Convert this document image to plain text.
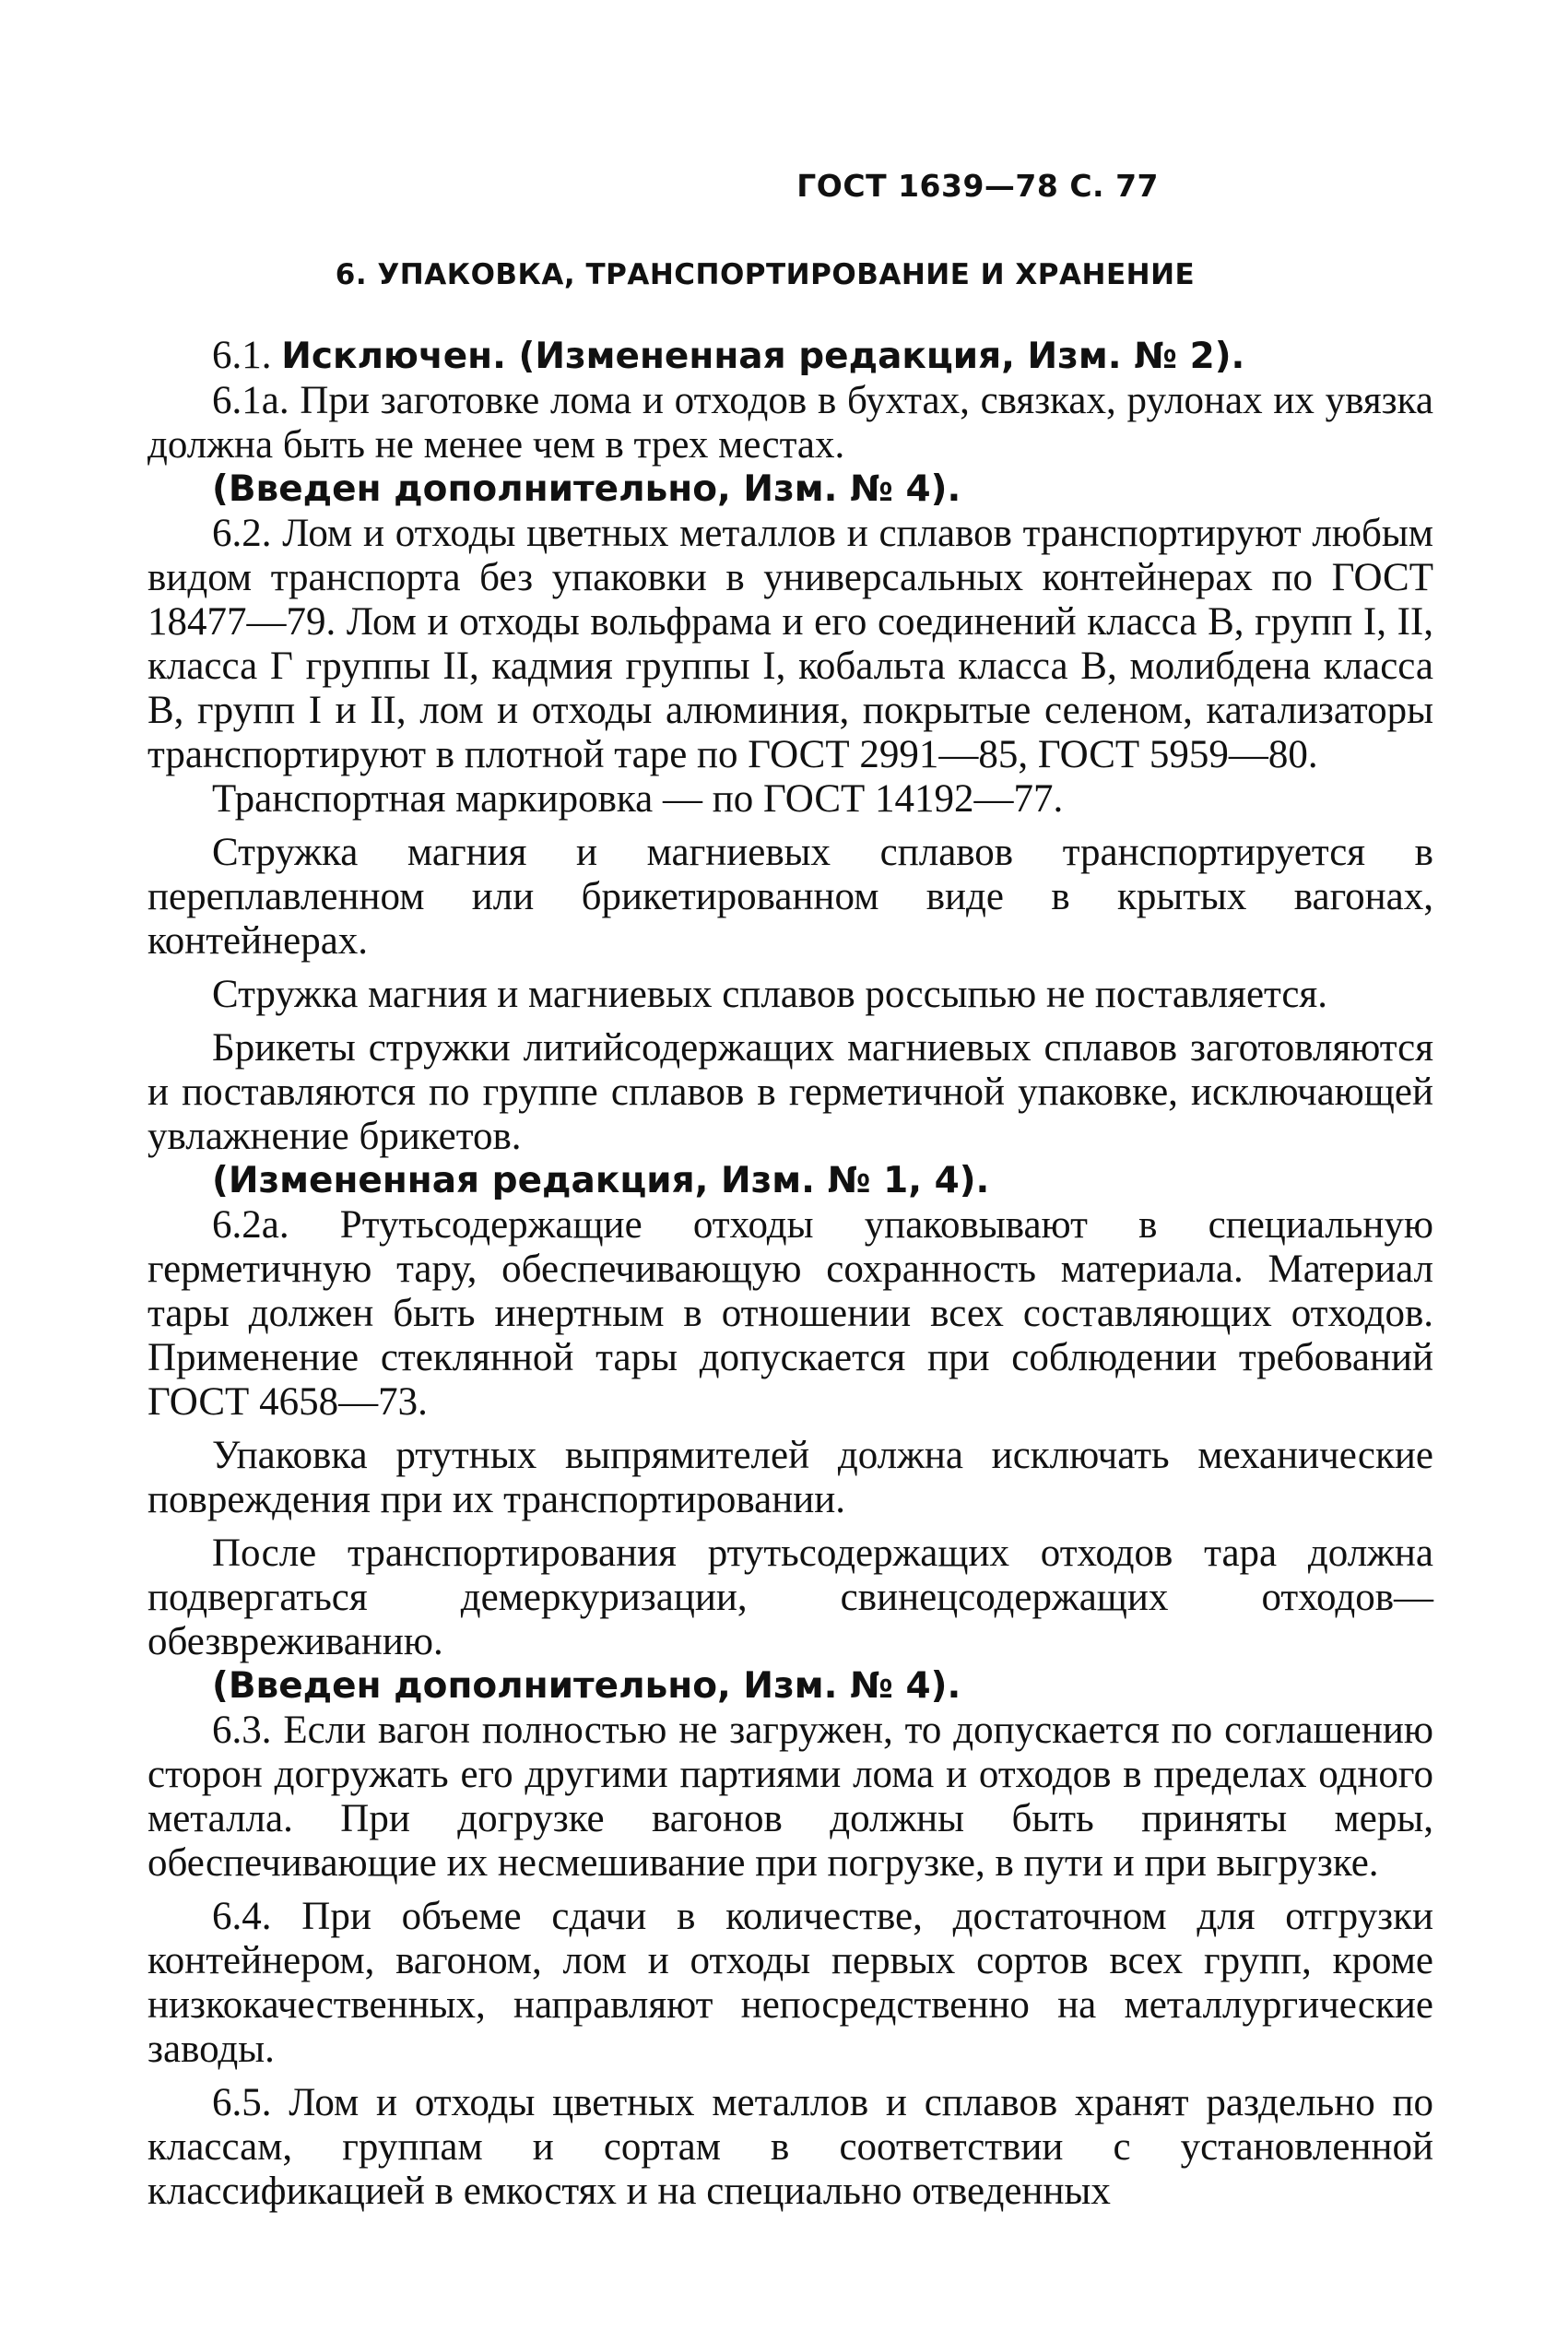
ГОСТ 1639—78 С. 77
6. УПАКОВКА, ТРАНСПОРТИРОВАНИЕ И ХРАНЕНИЕ

6.1. Исключен. (Измененная редакция, Изм. № 2).

6.1а. При заготовке лома и отходов в бухтах, связках, рулонах их увязка должна быть не менее чем в трех местах.

(Введен дополнительно, Изм. № 4).

6.2. Лом и отходы цветных металлов и сплавов транспортируют любым видом транспорта без упаковки в универсальных контейнерах по ГОСТ 18477—79. Лом и отходы вольфрама и его соединений класса В, групп I, II, класса Г группы II, кадмия группы I, кобальта класса В, молибдена класса В, групп I и II, лом и отходы алюминия, покрытые селеном, катализаторы транспортируют в плотной таре по ГОСТ 2991—85, ГОСТ 5959—80.

Транспортная маркировка — по ГОСТ 14192—77.

Стружка магния и магниевых сплавов транспортируется в переплавленном или брикетированном виде в крытых вагонах, контейнерах.

Стружка магния и магниевых сплавов россыпью не поставляется.

Брикеты стружки литийсодержащих магниевых сплавов заготовляются и поставляются по группе сплавов в герметичной упаковке, исключающей увлажнение брикетов.

(Измененная редакция, Изм. № 1, 4).

6.2а. Ртутьсодержащие отходы упаковывают в специальную герметичную тару, обеспечивающую сохранность материала. Материал тары должен быть инертным в отношении всех составляющих отходов. Применение стеклянной тары допускается при соблюдении требований ГОСТ 4658—73.

Упаковка ртутных выпрямителей должна исключать механические повреждения при их транспортировании.

После транспортирования ртутьсодержащих отходов тара должна подвергаться демеркуризации, свинецсодержащих отходов— обезвреживанию.

(Введен дополнительно, Изм. № 4).

6.3. Если вагон полностью не загружен, то допускается по соглашению сторон догружать его другими партиями лома и отходов в пределах одного металла. При догрузке вагонов должны быть приняты меры, обеспечивающие их несмешивание при погрузке, в пути и при выгрузке.

6.4. При объеме сдачи в количестве, достаточном для отгрузки контейнером, вагоном, лом и отходы первых сортов всех групп, кроме низкокачественных, направляют непосредственно на металлургические заводы.

6.5. Лом и отходы цветных металлов и сплавов хранят раздельно по классам, группам и сортам в соответствии с установленной классификацией в емкостях и на специально отведенных
